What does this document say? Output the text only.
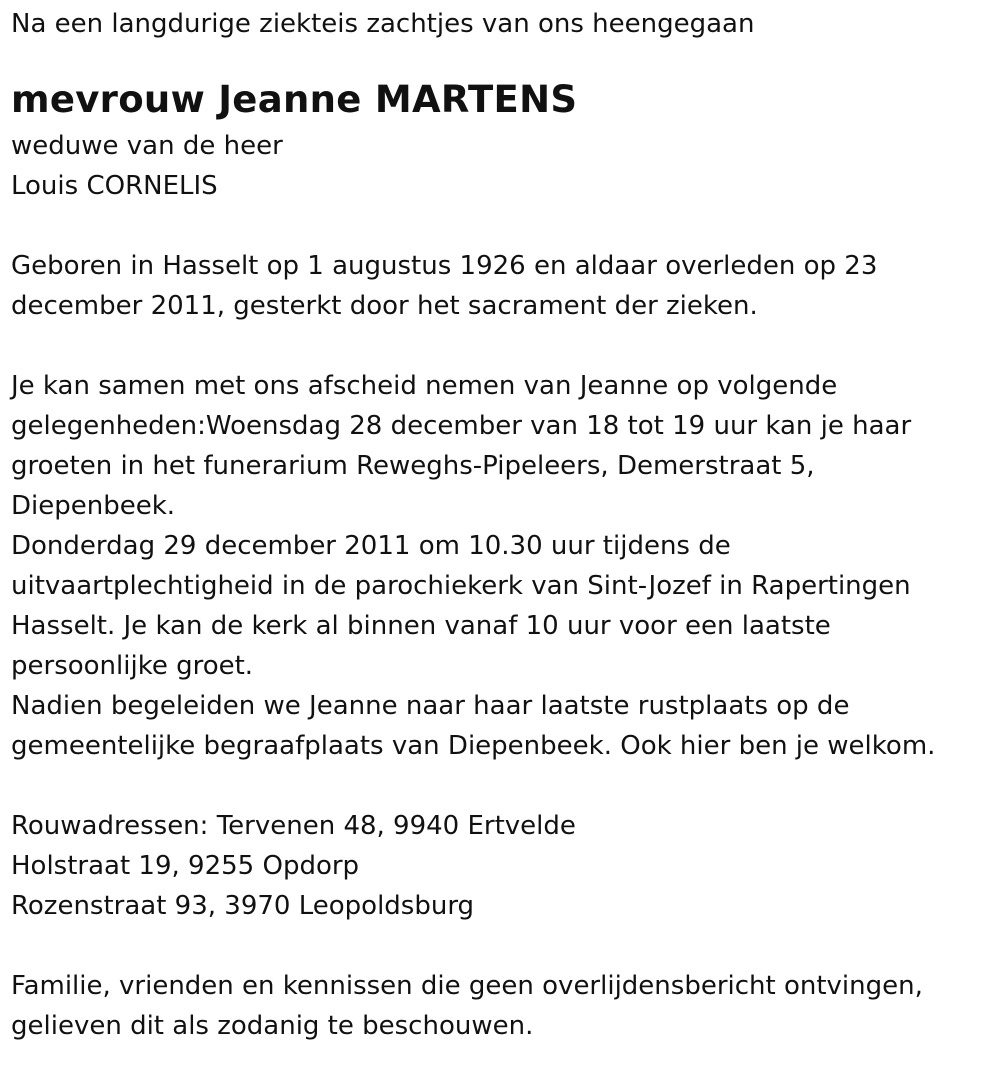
Na een langdurige ziekteis zachtjes van ons heengegaan
mevrouw Jeanne MARTENS
weduwe van de heer
Louis CORNELIS
Geboren in Hasselt op 1 augustus 1926 en aldaar overleden op 23
december 2011, gesterkt door het sacrament der zieken.
Je kan samen met ons afscheid nemen van Jeanne op volgende
gelegenheden:Woensdag 28 december van 18 tot 19 uur kan je haar
groeten in het funerarium Reweghs-Pipeleers, Demerstraat 5,
Diepenbeek.
Donderdag 29 december 2011 om 10.30 uur tijdens de
uitvaartplechtigheid in de parochiekerk van Sint-Jozef in Rapertingen
Hasselt. Je kan de kerk al binnen vanaf 10 uur voor een laatste
persoonlijke groet.
Nadien begeleiden we Jeanne naar haar laatste rustplaats op de
gemeentelijke begraafplaats van Diepenbeek. Ook hier ben je welkom.
Rouwadressen: Tervenen 48, 9940 Ertvelde
Holstraat 19, 9255 Opdorp
Rozenstraat 93, 3970 Leopoldsburg
Familie, vrienden en kennissen die geen overlijdensbericht ontvingen,
gelieven dit als zodanig te beschouwen.
